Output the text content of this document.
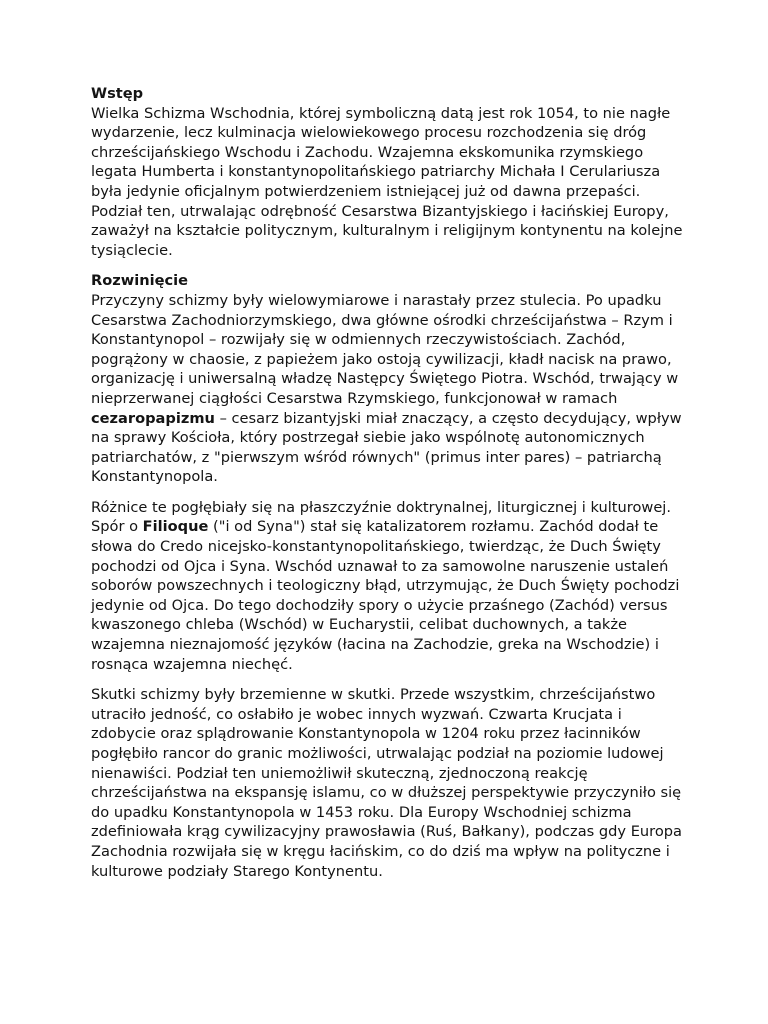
Wstęp

Wielka Schizma Wschodnia, której symboliczną datą jest rok 1054, to nie nagłe wydarzenie, lecz kulminacja wielowiekowego procesu rozchodzenia się dróg chrześcijańskiego Wschodu i Zachodu. Wzajemna ekskomunika rzymskiego legata Humberta i konstantynopolitańskiego patriarchy Michała I Cerulariusza była jedynie oficjalnym potwierdzeniem istniejącej już od dawna przepaści. Podział ten, utrwalając odrębność Cesarstwa Bizantyjskiego i łacińskiej Europy, zaważył na kształcie politycznym, kulturalnym i religijnym kontynentu na kolejne tysiąclecie.

Rozwinięcie

Przyczyny schizmy były wielowymiarowe i narastały przez stulecia. Po upadku Cesarstwa Zachodniorzymskiego, dwa główne ośrodki chrześcijaństwa – Rzym i Konstantynopol – rozwijały się w odmiennych rzeczywistościach. Zachód, pogrążony w chaosie, z papieżem jako ostoją cywilizacji, kładł nacisk na prawo, organizację i uniwersalną władzę Następcy Świętego Piotra. Wschód, trwający w nieprzerwanej ciągłości Cesarstwa Rzymskiego, funkcjonował w ramach cezaropapizmu – cesarz bizantyjski miał znaczący, a często decydujący, wpływ na sprawy Kościoła, który postrzegał siebie jako wspólnotę autonomicznych patriarchatów, z "pierwszym wśród równych" (primus inter pares) – patriarchą Konstantynopola.

Różnice te pogłębiały się na płaszczyźnie doktrynalnej, liturgicznej i kulturowej. Spór o Filioque ("i od Syna") stał się katalizatorem rozłamu. Zachód dodał te słowa do Credo nicejsko-konstantynopolitańskiego, twierdząc, że Duch Święty pochodzi od Ojca i Syna. Wschód uznawał to za samowolne naruszenie ustaleń soborów powszechnych i teologiczny błąd, utrzymując, że Duch Święty pochodzi jedynie od Ojca. Do tego dochodziły spory o użycie przaśnego (Zachód) versus kwaszonego chleba (Wschód) w Eucharystii, celibat duchownych, a także wzajemna nieznajomość języków (łacina na Zachodzie, greka na Wschodzie) i rosnąca wzajemna niechęć.

Skutki schizmy były brzemienne w skutki. Przede wszystkim, chrześcijaństwo utraciło jedność, co osłabiło je wobec innych wyzwań. Czwarta Krucjata i zdobycie oraz splądrowanie Konstantynopola w 1204 roku przez łacinników pogłębiło rancor do granic możliwości, utrwalając podział na poziomie ludowej nienawiści. Podział ten uniemożliwił skuteczną, zjednoczoną reakcję chrześcijaństwa na ekspansję islamu, co w dłuższej perspektywie przyczyniło się do upadku Konstantynopola w 1453 roku. Dla Europy Wschodniej schizma zdefiniowała krąg cywilizacyjny prawosławia (Ruś, Bałkany), podczas gdy Europa Zachodnia rozwijała się w kręgu łacińskim, co do dziś ma wpływ na polityczne i kulturowe podziały Starego Kontynentu.
